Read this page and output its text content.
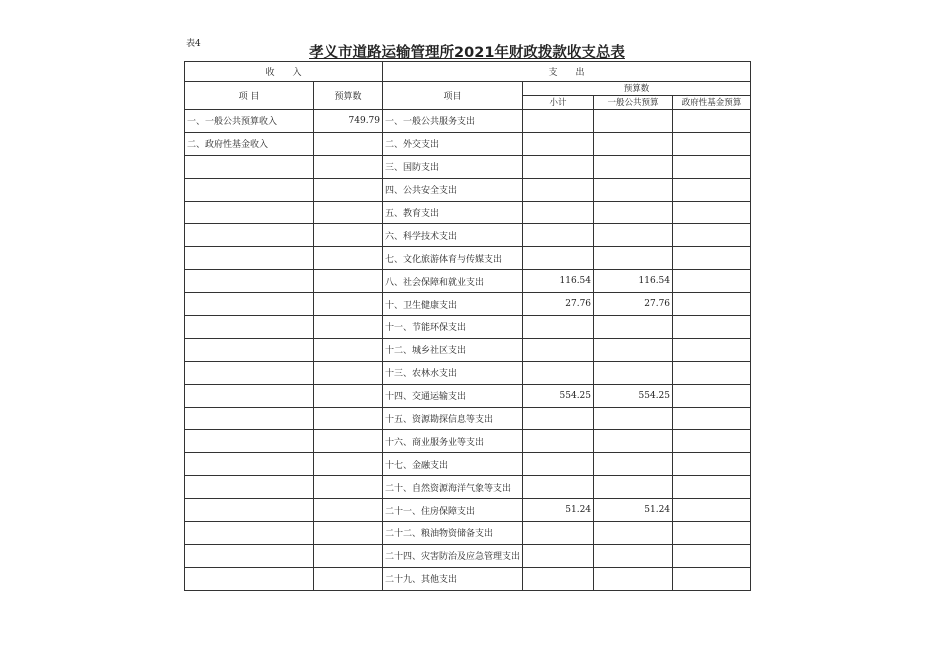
表4
孝义市道路运输管理所2021年财政拨款收支总表
收　　入		支　　出			
项 目	预算数	项目	预算数		
			小计	一般公共预算	政府性基金预算
一、一般公共预算收入	749.79	一、一般公共服务支出			
二、政府性基金收入		二、外交支出			
		三、国防支出			
		四、公共安全支出			
		五、教育支出			
		六、科学技术支出			
		七、文化旅游体育与传媒支出			
		八、社会保障和就业支出	116.54	116.54	
		十、卫生健康支出	27.76	27.76	
		十一、节能环保支出			
		十二、城乡社区支出			
		十三、农林水支出			
		十四、交通运输支出	554.25	554.25	
		十五、资源勘探信息等支出			
		十六、商业服务业等支出			
		十七、金融支出			
		二十、自然资源海洋气象等支出			
		二十一、住房保障支出	51.24	51.24	
		二十二、粮油物资储备支出			
		二十四、灾害防治及应急管理支出			
		二十九、其他支出			
